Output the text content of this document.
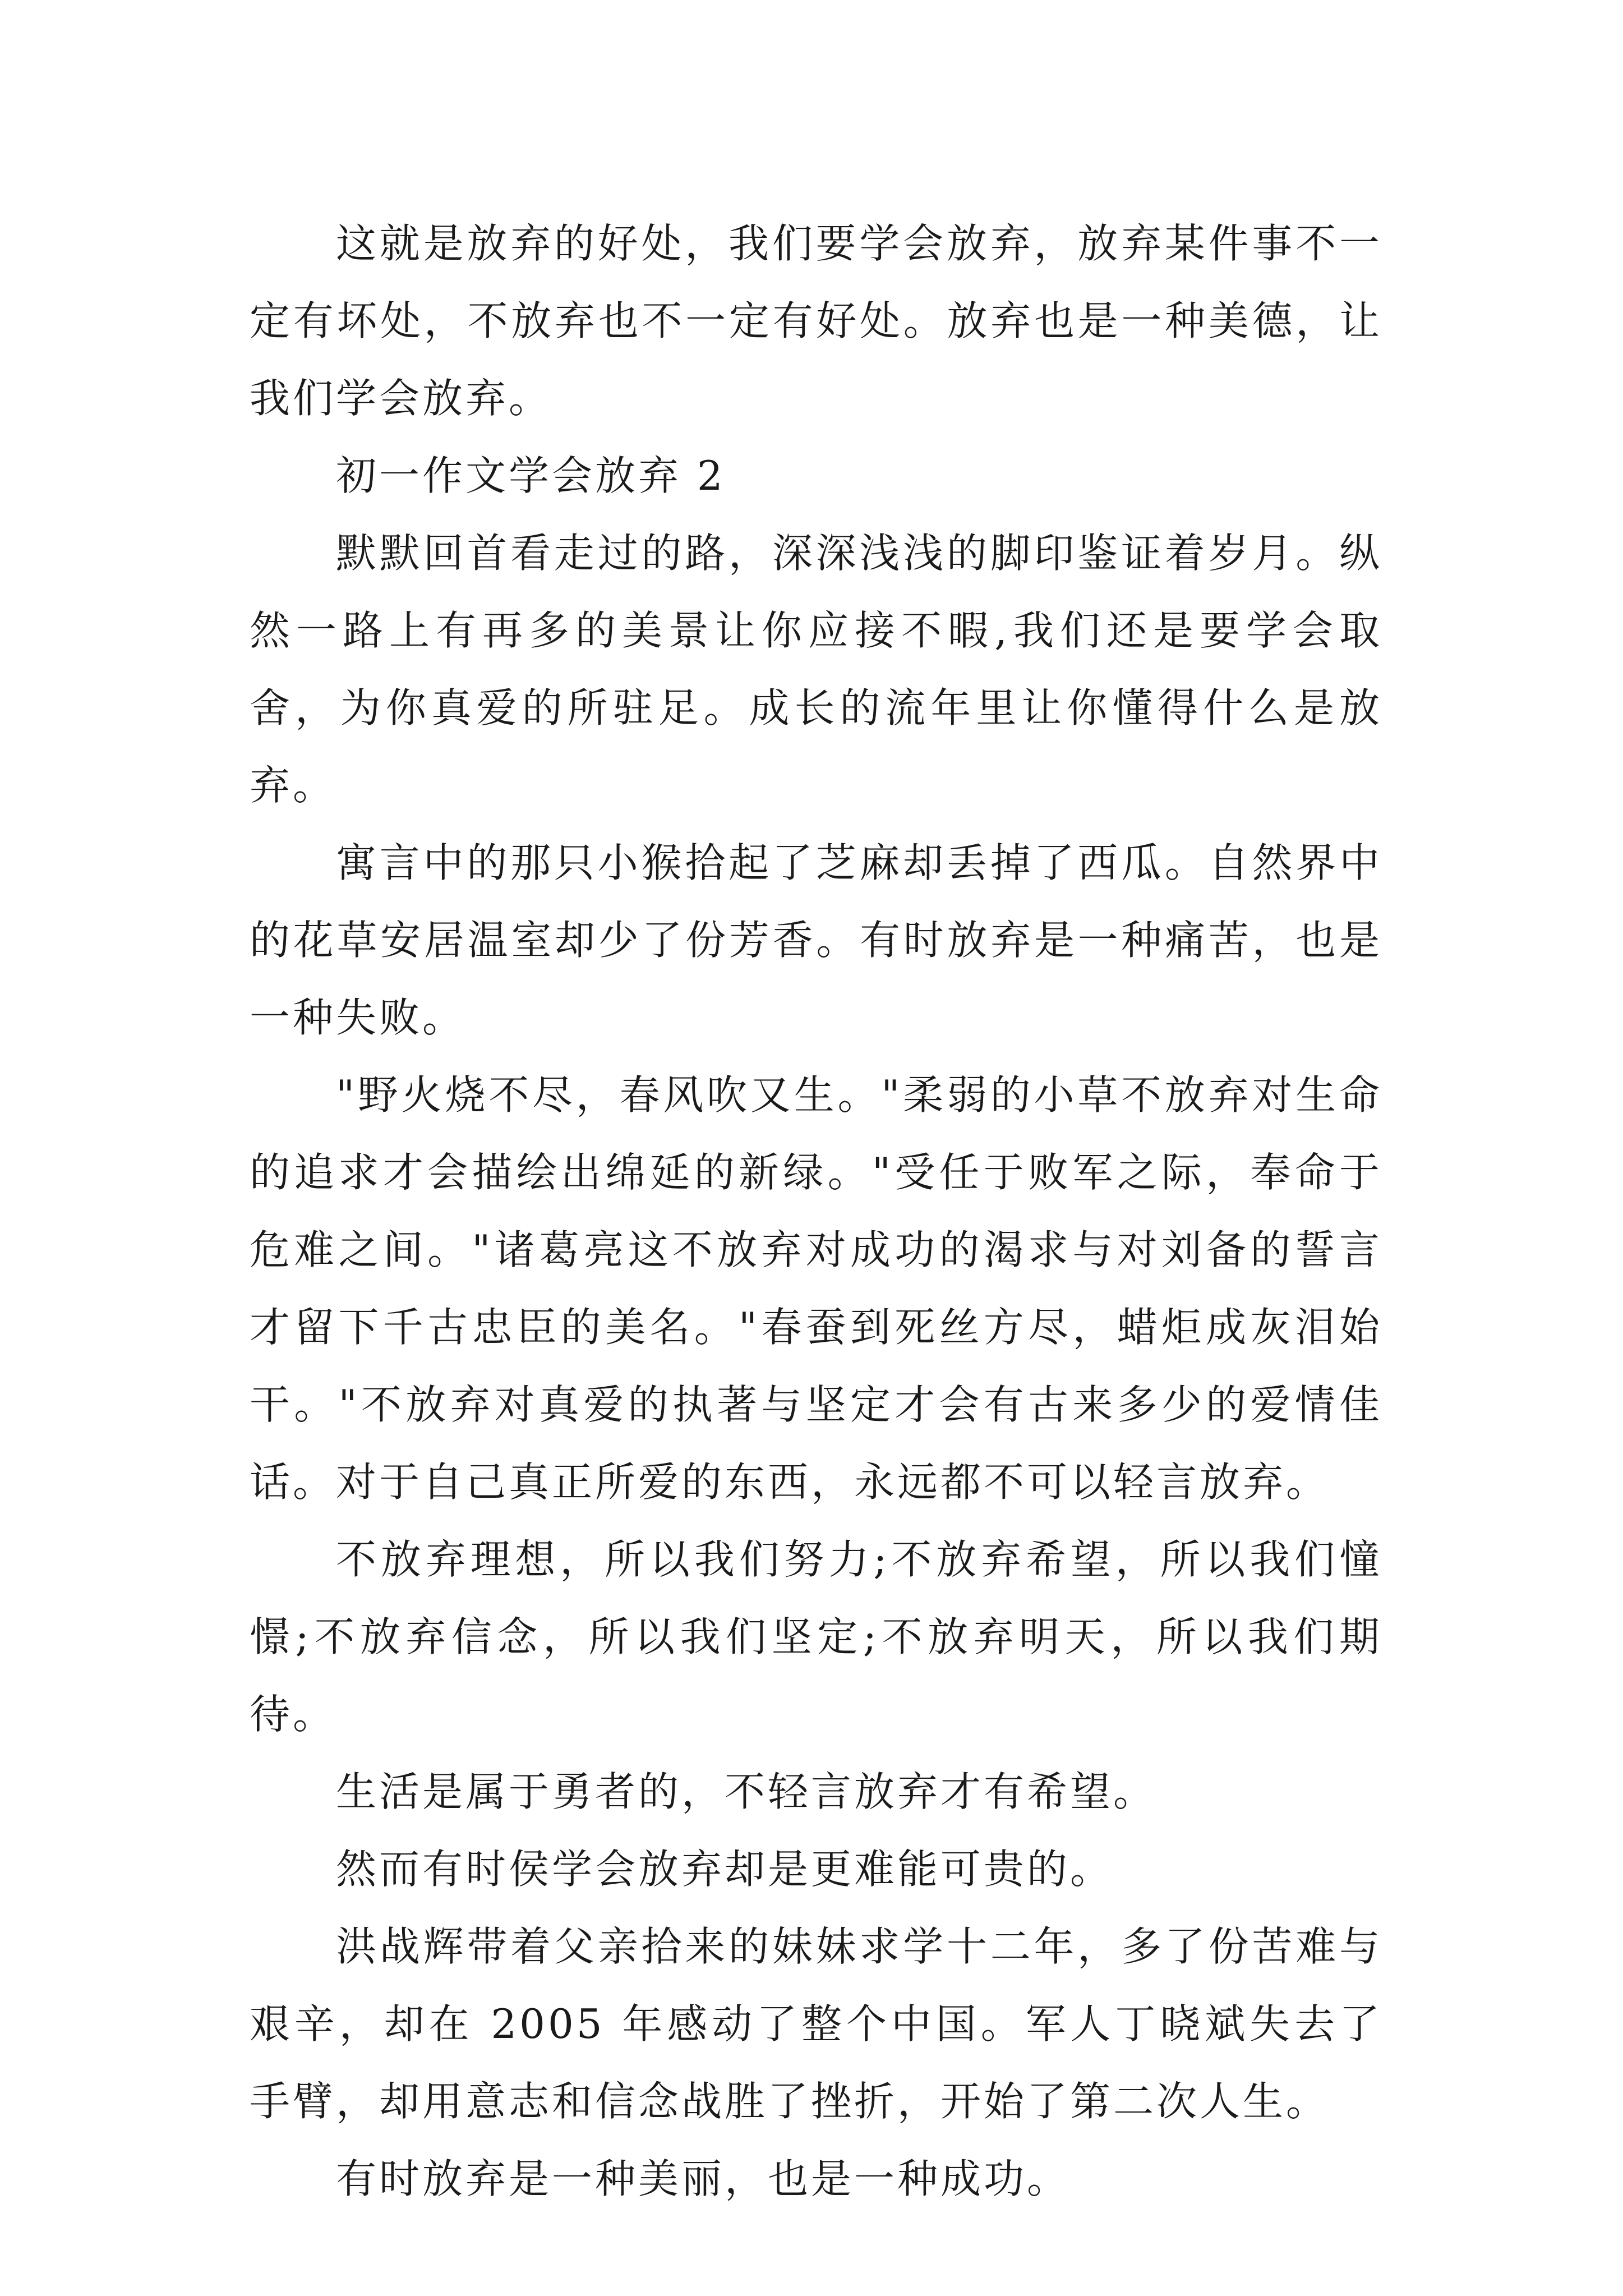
这就是放弃的好处，我们要学会放弃，放弃某件事不一定有坏处，不放弃也不一定有好处。放弃也是一种美德，让我们学会放弃。

初一作文学会放弃 2

默默回首看走过的路，深深浅浅的脚印鉴证着岁月。纵然一路上有再多的美景让你应接不暇,我们还是要学会取舍，为你真爱的所驻足。成长的流年里让你懂得什么是放弃。

寓言中的那只小猴拾起了芝麻却丢掉了西瓜。自然界中的花草安居温室却少了份芳香。有时放弃是一种痛苦，也是一种失败。

"野火烧不尽，春风吹又生。"柔弱的小草不放弃对生命的追求才会描绘出绵延的新绿。"受任于败军之际，奉命于危难之间。"诸葛亮这不放弃对成功的渴求与对刘备的誓言才留下千古忠臣的美名。"春蚕到死丝方尽，蜡炬成灰泪始干。"不放弃对真爱的执著与坚定才会有古来多少的爱情佳话。对于自己真正所爱的东西，永远都不可以轻言放弃。

不放弃理想，所以我们努力;不放弃希望，所以我们憧憬;不放弃信念，所以我们坚定;不放弃明天，所以我们期待。

生活是属于勇者的，不轻言放弃才有希望。

然而有时侯学会放弃却是更难能可贵的。

洪战辉带着父亲拾来的妹妹求学十二年，多了份苦难与艰辛，却在 2005 年感动了整个中国。军人丁晓斌失去了手臂，却用意志和信念战胜了挫折，开始了第二次人生。

有时放弃是一种美丽，也是一种成功。
